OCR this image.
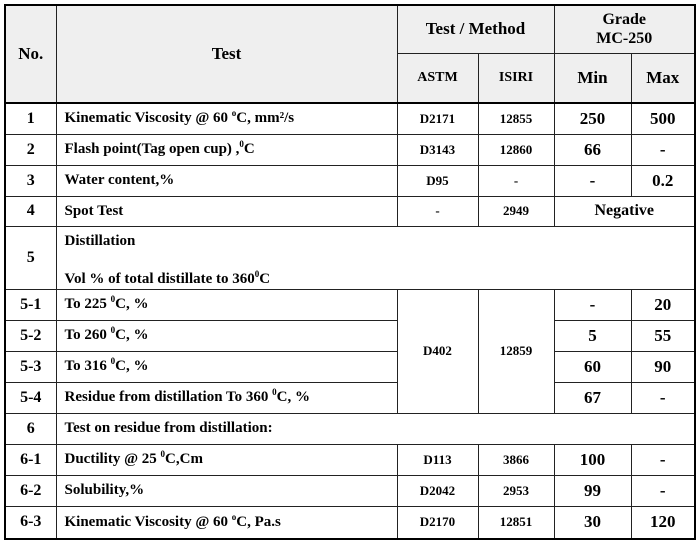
No.	Test	Test / Method		Grade
MC-250	

		ASTM	ISIRI	Min	Max
1	Kinematic Viscosity @ 60 $^o$C, mm²/s	D2171	12855	250	500
2	Flash point(Tag open cup) ,$^0$C	D3143	12860	66	-
3	Water content,%	D95	-	-	0.2
4	Spot Test	-	2949	Negative	
5	Distillation
Vol % of total distillate to $360^0C$				

5-1	To 225 $^0$C, %	D402	12859	-	20
5-2	To 260 $^0$C, %			5	55
5-3	To 316 $^0$C, %			60	90
5-4	Residue from distillation To 360 $^0$C, %			67	-
6	Test on residue from distillation:				
6-1	Ductility @ 25 $^0$C,Cm	D113	3866	100	-
6-2	Solubility,%	D2042	2953	99	-
6-3	Kinematic Viscosity @ 60 $^o$C, Pa.s	D2170	12851	30	120
